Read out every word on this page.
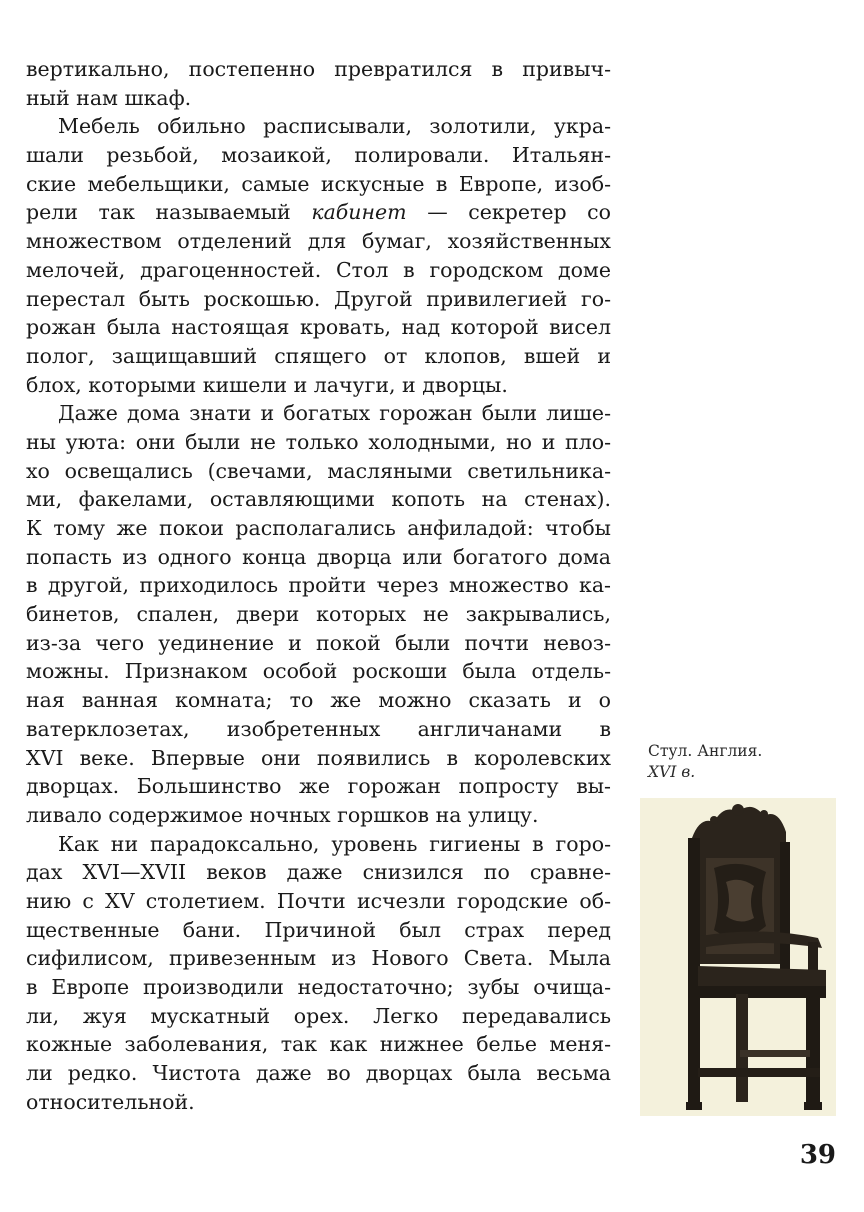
вертикально, постепенно превратился в привыч-
ный нам шкаф.
Мебель обильно расписывали, золотили, укра-
шали резьбой, мозаикой, полировали. Итальян-
ские мебельщики, самые искусные в Европе, изоб-
рели так называемый кабинет — секретер со
множеством отделений для бумаг, хозяйственных
мелочей, драгоценностей. Стол в городском доме
перестал быть роскошью. Другой привилегией го-
рожан была настоящая кровать, над которой висел
полог, защищавший спящего от клопов, вшей и
блох, которыми кишели и лачуги, и дворцы.
Даже дома знати и богатых горожан были лише-
ны уюта: они были не только холодными, но и пло-
хо освещались (свечами, масляными светильника-
ми, факелами, оставляющими копоть на стенах).
К тому же покои располагались анфиладой: чтобы
попасть из одного конца дворца или богатого дома
в другой, приходилось пройти через множество ка-
бинетов, спален, двери которых не закрывались,
из-за чего уединение и покой были почти невоз-
можны. Признаком особой роскоши была отдель-
ная ванная комната; то же можно сказать и о
ватерклозетах, изобретенных англичанами в
XVI веке. Впервые они появились в королевских
дворцах. Большинство же горожан попросту вы-
ливало содержимое ночных горшков на улицу.
Как ни парадоксально, уровень гигиены в горо-
дах XVI—XVII веков даже снизился по сравне-
нию с XV столетием. Почти исчезли городские об-
щественные бани. Причиной был страх перед
сифилисом, привезенным из Нового Света. Мыла
в Европе производили недостаточно; зубы очища-
ли, жуя мускатный орех. Легко передавались
кожные заболевания, так как нижнее белье меня-
ли редко. Чистота даже во дворцах была весьма
относительной.
Стул. Англия.
XVI в.
39
